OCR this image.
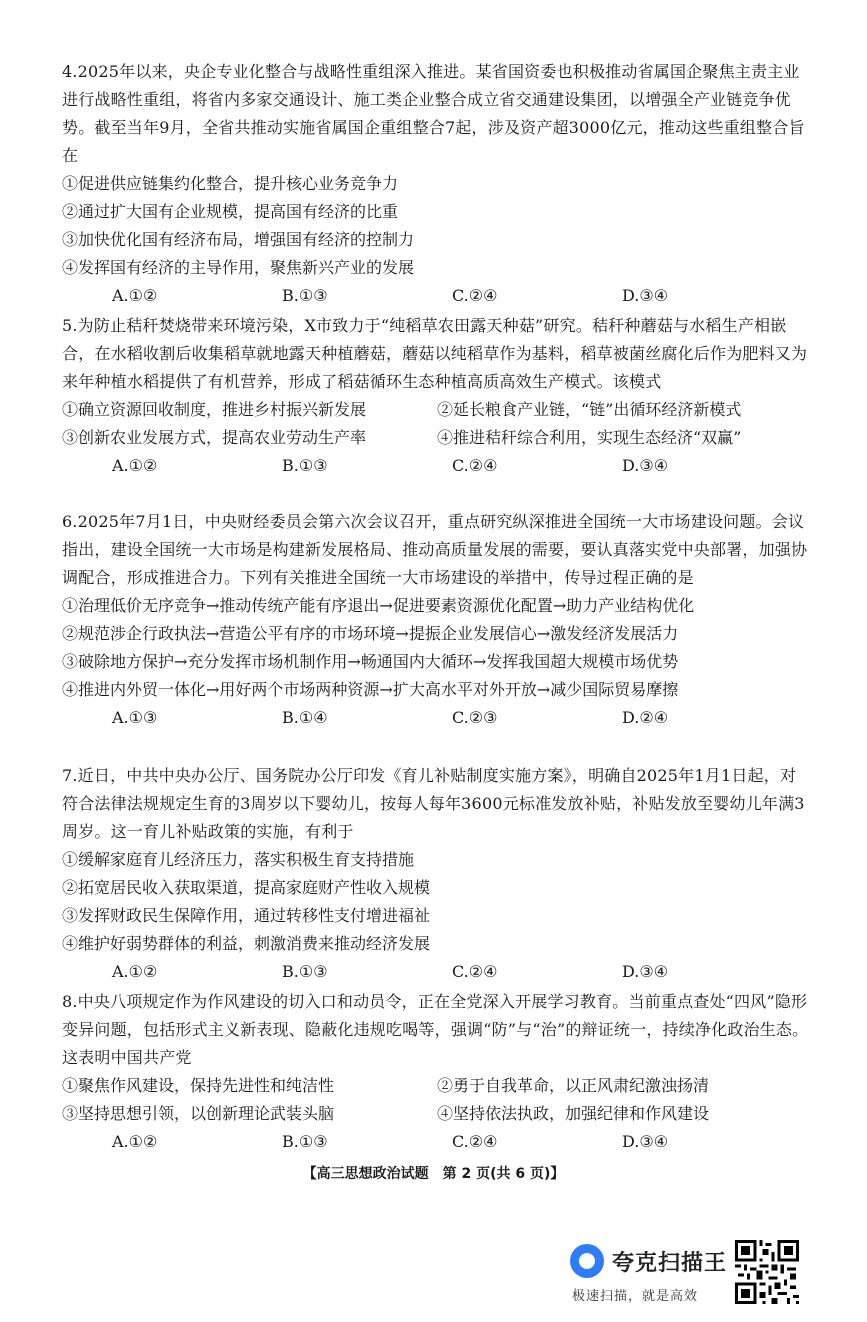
4.2025年以来，央企专业化整合与战略性重组深入推进。某省国资委也积极推动省属国企聚焦主责主业进行战略性重组，将省内多家交通设计、施工类企业整合成立省交通建设集团，以增强全产业链竞争优势。截至当年9月，全省共推动实施省属国企重组整合7起，涉及资产超3000亿元，推动这些重组整合旨在

①促进供应链集约化整合，提升核心业务竞争力

②通过扩大国有企业规模，提高国有经济的比重

③加快优化国有经济布局，增强国有经济的控制力

④发挥国有经济的主导作用，聚焦新兴产业的发展

A.①②	B.①③	C.②④	D.③④

5.为防止秸秆焚烧带来环境污染，X市致力于“纯稻草农田露天种菇”研究。秸秆种蘑菇与水稻生产相嵌合，在水稻收割后收集稻草就地露天种植蘑菇，蘑菇以纯稻草作为基料，稻草被菌丝腐化后作为肥料又为来年种植水稻提供了有机营养，形成了稻菇循环生态种植高质高效生产模式。该模式

①确立资源回收制度，推进乡村振兴新发展	②延长粮食产业链，“链”出循环经济新模式
③创新农业发展方式，提高农业劳动生产率	④推进秸秆综合利用，实现生态经济“双赢”
A.①②	B.①③	C.②④	D.③④

6.2025年7月1日，中央财经委员会第六次会议召开，重点研究纵深推进全国统一大市场建设问题。会议指出，建设全国统一大市场是构建新发展格局、推动高质量发展的需要，要认真落实党中央部署，加强协调配合，形成推进合力。下列有关推进全国统一大市场建设的举措中，传导过程正确的是

①治理低价无序竞争→推动传统产能有序退出→促进要素资源优化配置→助力产业结构优化

②规范涉企行政执法→营造公平有序的市场环境→提振企业发展信心→激发经济发展活力

③破除地方保护→充分发挥市场机制作用→畅通国内大循环→发挥我国超大规模市场优势

④推进内外贸一体化→用好两个市场两种资源→扩大高水平对外开放→减少国际贸易摩擦

A.①③	B.①④	C.②③	D.②④

7.近日，中共中央办公厅、国务院办公厅印发《育儿补贴制度实施方案》，明确自2025年1月1日起，对符合法律法规规定生育的3周岁以下婴幼儿，按每人每年3600元标准发放补贴，补贴发放至婴幼儿年满3周岁。这一育儿补贴政策的实施，有利于

①缓解家庭育儿经济压力，落实积极生育支持措施

②拓宽居民收入获取渠道，提高家庭财产性收入规模

③发挥财政民生保障作用，通过转移性支付增进福祉

④维护好弱势群体的利益，刺激消费来推动经济发展

A.①②	B.①③	C.②④	D.③④

8.中央八项规定作为作风建设的切入口和动员令，正在全党深入开展学习教育。当前重点查处“四风”隐形变异问题，包括形式主义新表现、隐蔽化违规吃喝等，强调“防”与“治”的辩证统一，持续净化政治生态。这表明中国共产党

①聚焦作风建设，保持先进性和纯洁性	②勇于自我革命，以正风肃纪激浊扬清
③坚持思想引领，以创新理论武装头脑	④坚持依法执政，加强纪律和作风建设
A.①②	B.①③	C.②④	D.③④
【高三思想政治试题　第 2 页(共 6 页)】
夸克扫描王
极速扫描，就是高效
